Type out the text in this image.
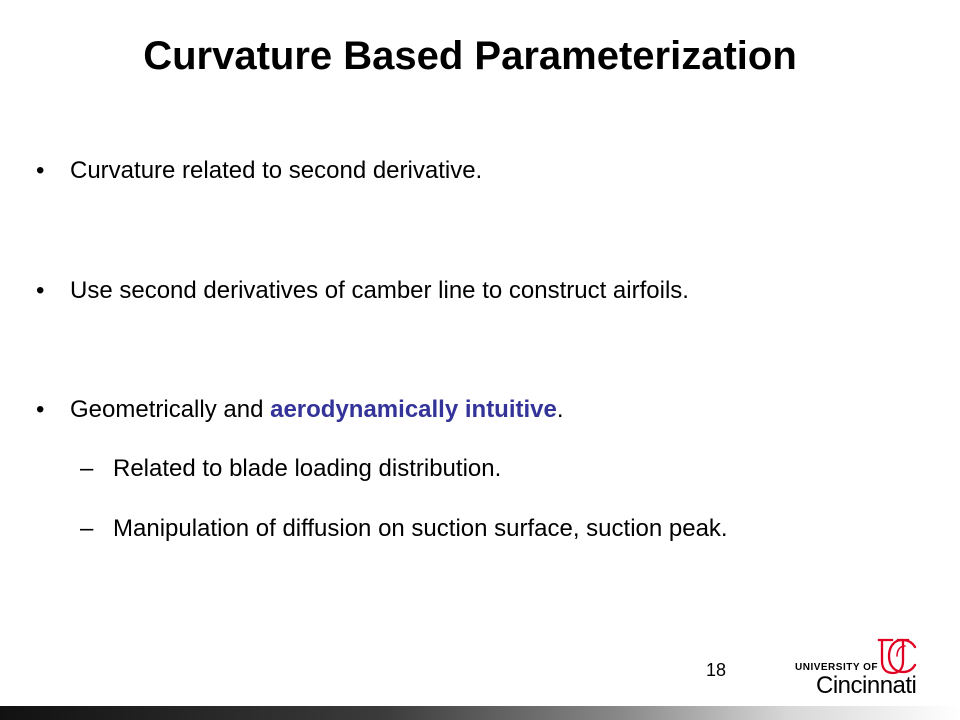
Curvature Based Parameterization
•	Curvature related to second derivative.
•	Use second derivatives of camber line to construct airfoils.
•	Geometrically and aerodynamically intuitive.
– Related to blade loading distribution.
– Manipulation of diffusion on suction surface, suction peak.
18	UNIVERSITY OF
Cincinnati
